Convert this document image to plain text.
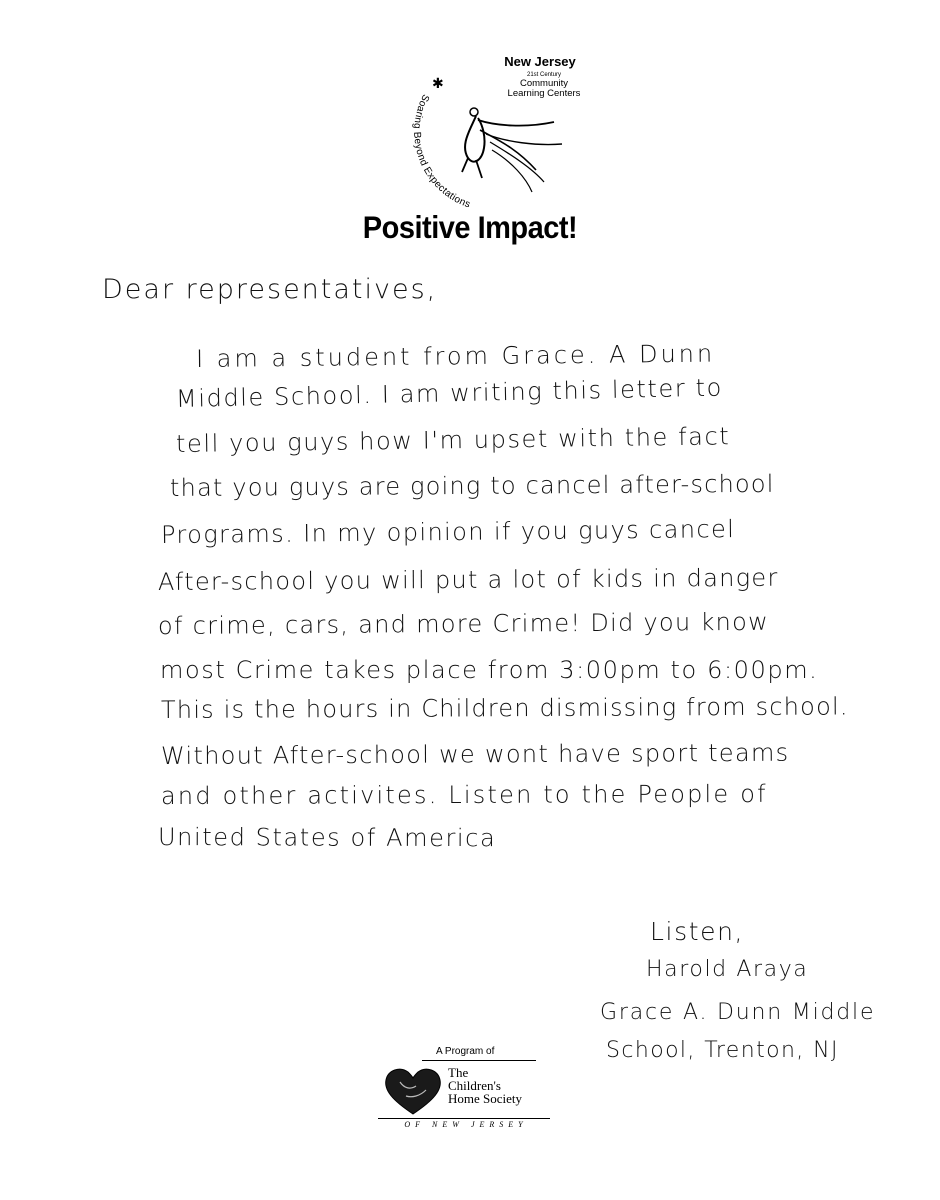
✱
Soaring Beyond Expectations
New Jersey
21st Century
Community
Learning Centers
Positive Impact!
Dear representatives,
I am a student from Grace. A Dunn
Middle School. I am writing this letter to
tell you guys how I'm upset with the fact
that you guys are going to cancel after-school
Programs. In my opinion if you guys cancel
After-school you will put a lot of kids in danger
of crime, cars, and more Crime! Did you know
most Crime takes place from 3:00pm to 6:00pm.
This is the hours in Children dismissing from school.
Without After-school we wont have sport teams
and other activites. Listen to the People of
United States of America
Listen,
Harold Araya
Grace A. Dunn Middle
School, Trenton, NJ
A Program of
The
Children's
Home Society
OF NEW JERSEY
